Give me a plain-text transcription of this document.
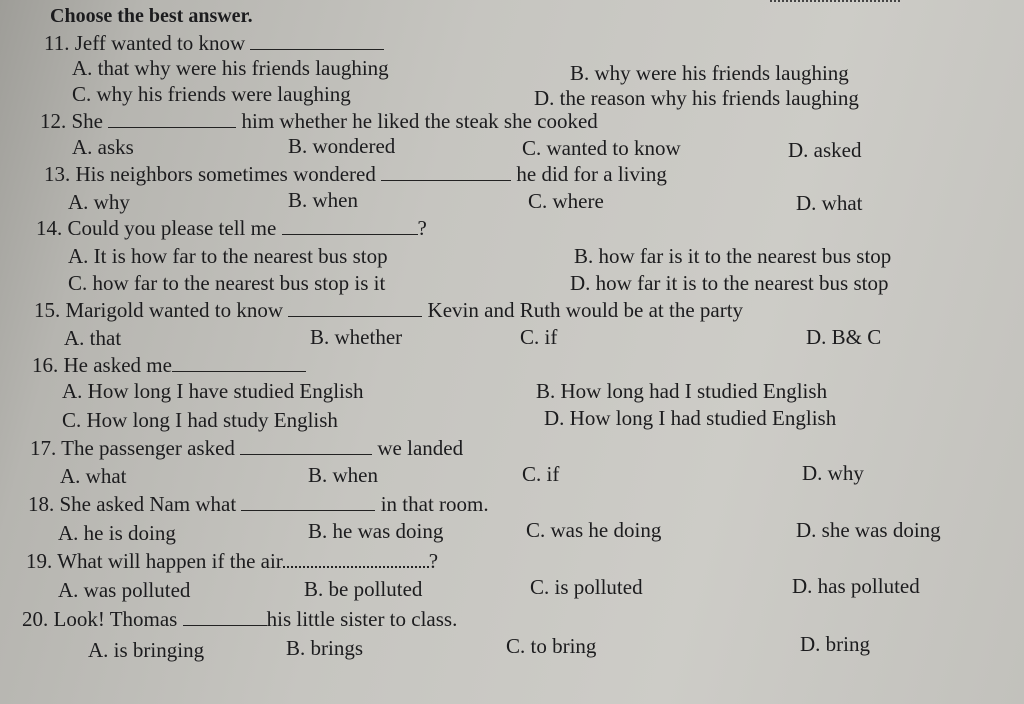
Choose the best answer.
11. Jeff wanted to know
A. that why were his friends laughing	B. why were his friends laughing
C. why his friends were laughing	D. the reason why his friends laughing
12. She	him whether he liked the steak she cooked
A. asks	B. wondered	C. wanted to know	D. asked
13. His neighbors sometimes wondered	he did for a living
A. why	B. when	C. where	D. what
14. Could you please tell me	?
A. It is how far to the nearest bus stop	B. how far is it to the nearest bus stop
C. how far to the nearest bus stop is it	D. how far it is to the nearest bus stop
15. Marigold wanted to know	Kevin and Ruth would be at the party
A. that	B. whether	C. if	D. B& C
16. He asked me
A. How long I have studied English	B. How long had I studied English
C. How long I had study English	D. How long I had studied English
17. The passenger asked	we landed
A. what	B. when	C. if	D. why
18. She asked Nam what	in that room.
A. he is doing	B. he was doing	C. was he doing	D. she was doing
19. What will happen if the air	?
A. was polluted	B. be polluted	C. is polluted	D. has polluted
20. Look! Thomas	his little sister to class.
A. is bringing	B. brings	C. to bring	D. bring
